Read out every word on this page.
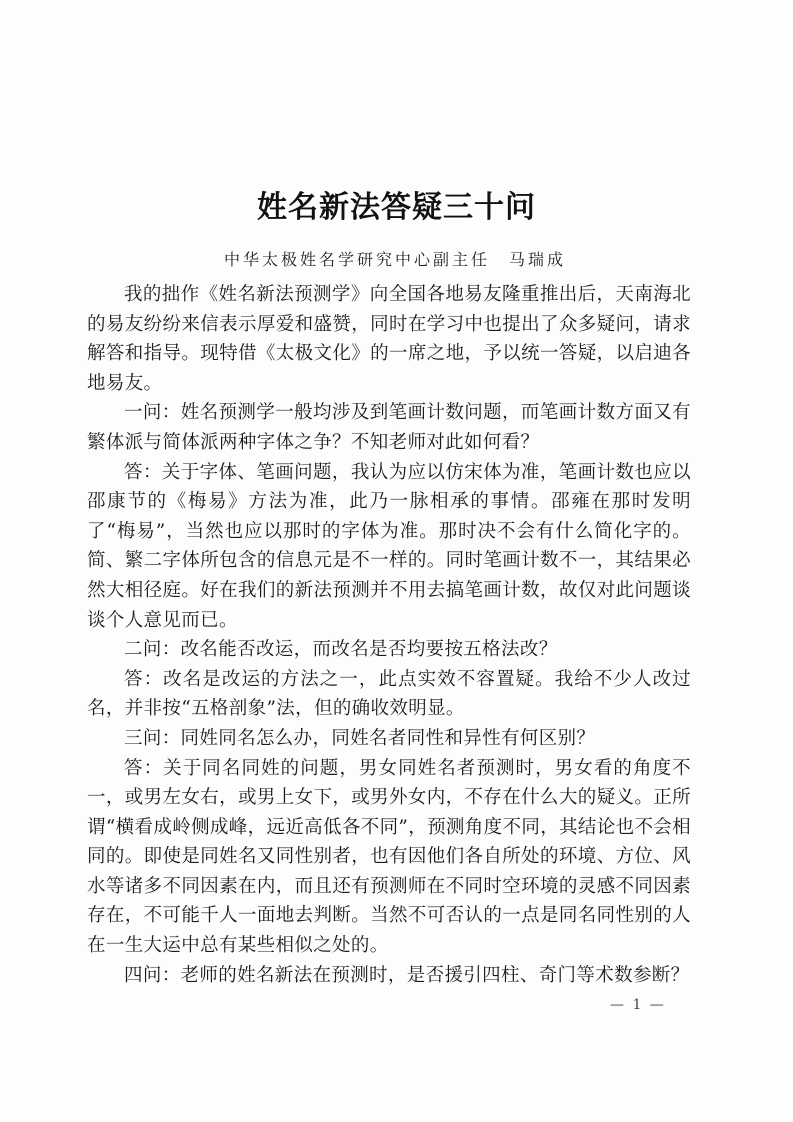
姓名新法答疑三十问
中华太极姓名学研究中心副主任　马瑞成

我的拙作《姓名新法预测学》向全国各地易友隆重推出后，天南海北的易友纷纷来信表示厚爱和盛赞，同时在学习中也提出了众多疑问，请求解答和指导。现特借《太极文化》的一席之地，予以统一答疑，以启迪各地易友。

一问：姓名预测学一般均涉及到笔画计数问题，而笔画计数方面又有繁体派与简体派两种字体之争？不知老师对此如何看？

答：关于字体、笔画问题，我认为应以仿宋体为准，笔画计数也应以邵康节的《梅易》方法为准，此乃一脉相承的事情。邵雍在那时发明了“梅易”，当然也应以那时的字体为准。那时决不会有什么简化字的。简、繁二字体所包含的信息元是不一样的。同时笔画计数不一，其结果必然大相径庭。好在我们的新法预测并不用去搞笔画计数，故仅对此问题谈谈个人意见而已。

二问：改名能否改运，而改名是否均要按五格法改？

答：改名是改运的方法之一，此点实效不容置疑。我给不少人改过名，并非按“五格剖象”法，但的确收效明显。

三问：同姓同名怎么办，同姓名者同性和异性有何区别？

答：关于同名同姓的问题，男女同姓名者预测时，男女看的角度不一，或男左女右，或男上女下，或男外女内，不存在什么大的疑义。正所谓“横看成岭侧成峰，远近高低各不同”，预测角度不同，其结论也不会相同的。即使是同姓名又同性别者，也有因他们各自所处的环境、方位、风水等诸多不同因素在内，而且还有预测师在不同时空环境的灵感不同因素存在，不可能千人一面地去判断。当然不可否认的一点是同名同性别的人在一生大运中总有某些相似之处的。

四问：老师的姓名新法在预测时，是否援引四柱、奇门等术数参断？

— 1 —
